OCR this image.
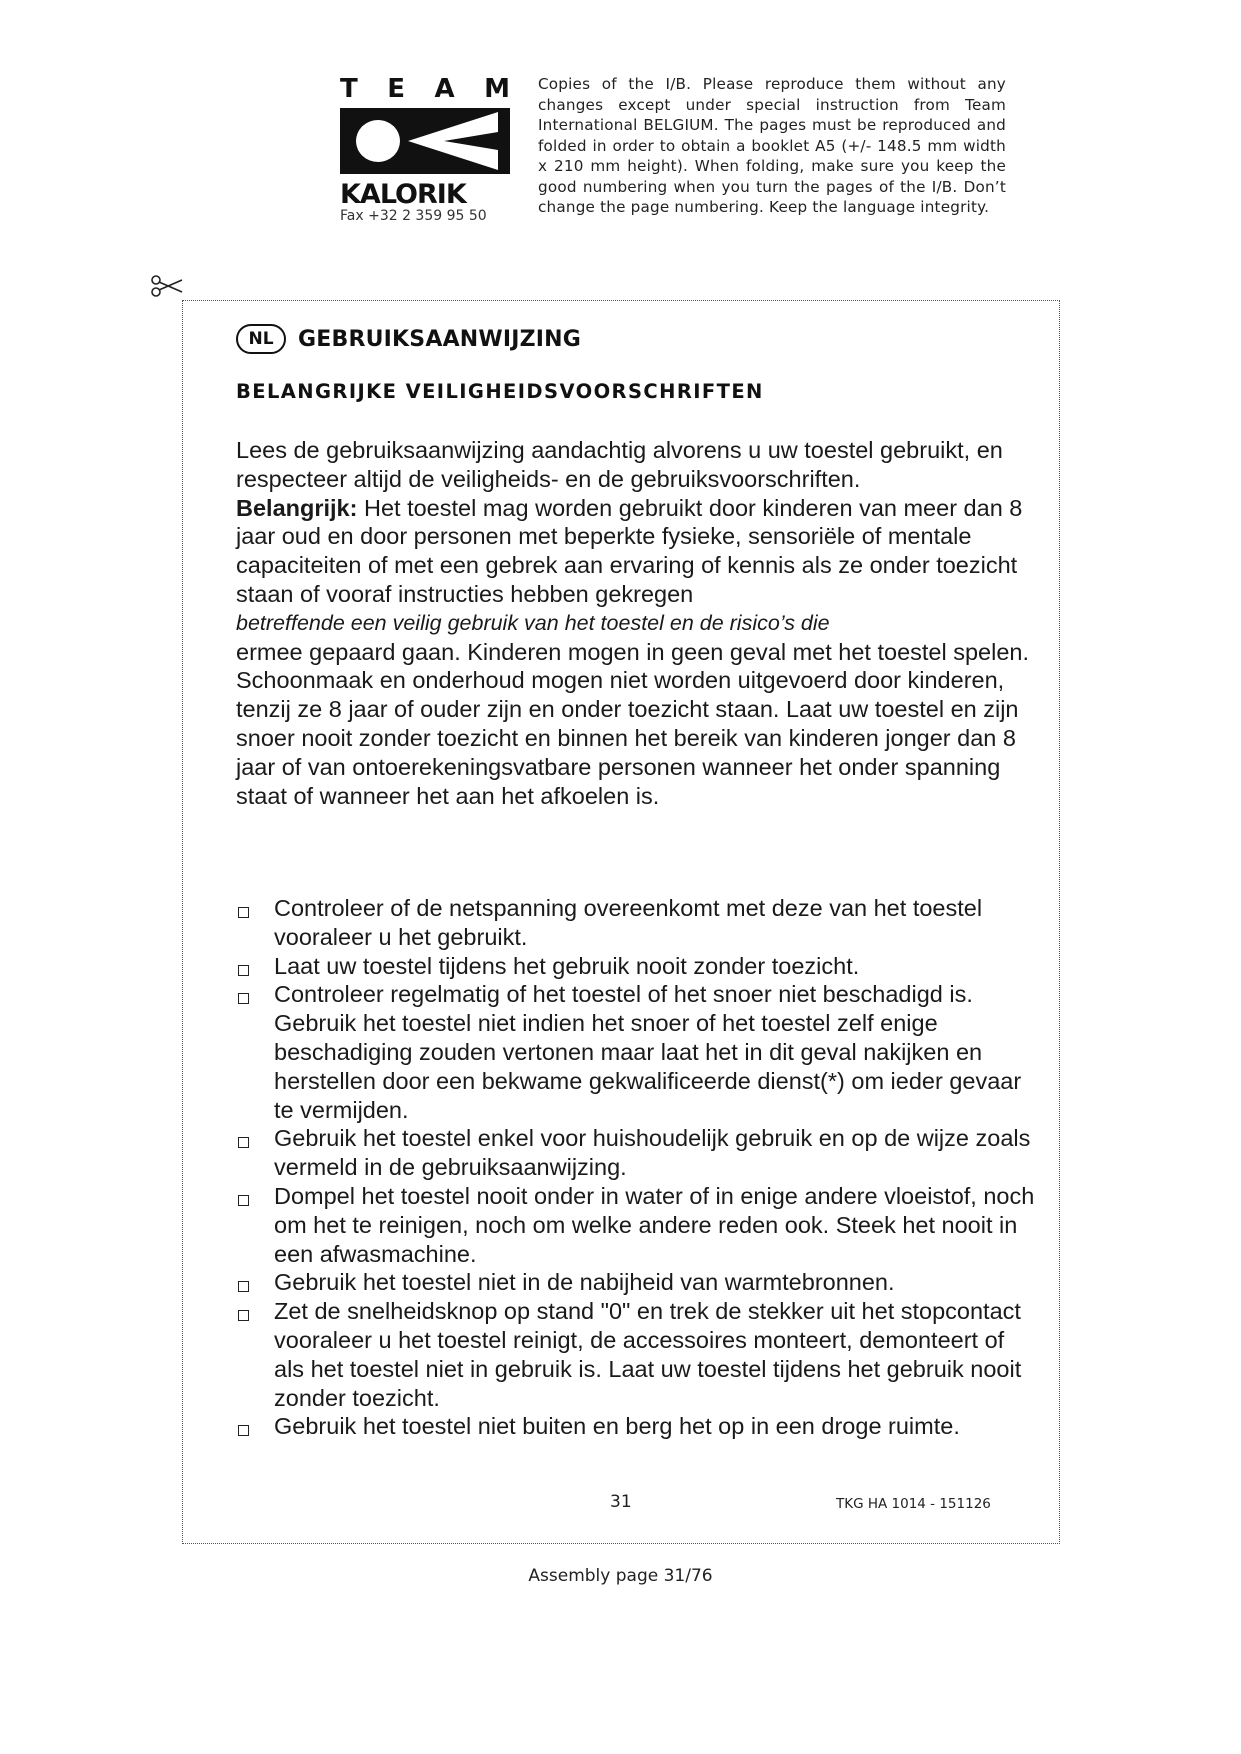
T E A M
KALORIK
Fax +32 2 359 95 50
Copies of the I/B. Please reproduce them without any changes except under special instruction from Team International BELGIUM. The pages must be reproduced and folded in order to obtain a booklet A5 (+/- 148.5 mm width x 210 mm height). When folding, make sure you keep the good numbering when you turn the pages of the I/B. Don’t change the page numbering. Keep the language integrity.
NL	GEBRUIKSAANWIJZING
BELANGRIJKE VEILIGHEIDSVOORSCHRIFTEN

Lees de gebruiksaanwijzing aandachtig alvorens u uw toestel gebruikt, en respecteer altijd de veiligheids- en de gebruiksvoorschriften.

Belangrijk: Het toestel mag worden gebruikt door kinderen van meer dan 8 jaar oud en door personen met beperkte fysieke, sensoriële of mentale capaciteiten of met een gebrek aan ervaring of kennis als ze onder toezicht staan of vooraf instructies hebben gekregen

betreffende een veilig gebruik van het toestel en de risico’s die

ermee gepaard gaan. Kinderen mogen in geen geval met het toestel spelen. Schoonmaak en onderhoud mogen niet worden uitgevoerd door kinderen, tenzij ze 8 jaar of ouder zijn en onder toezicht staan. Laat uw toestel en zijn snoer nooit zonder toezicht en binnen het bereik van kinderen jonger dan 8 jaar of van ontoerekeningsvatbare personen wanneer het onder spanning staat of wanneer het aan het afkoelen is.

Controleer of de netspanning overeenkomt met deze van het toestel vooraleer u het gebruikt.
Laat uw toestel tijdens het gebruik nooit zonder toezicht.
Controleer regelmatig of het toestel of het snoer niet beschadigd is. Gebruik het toestel niet indien het snoer of het toestel zelf enige beschadiging zouden vertonen maar laat het in dit geval nakijken en herstellen door een bekwame gekwalificeerde dienst(*) om ieder gevaar te vermijden.
Gebruik het toestel enkel voor huishoudelijk gebruik en op de wijze zoals vermeld in de gebruiksaanwijzing.
Dompel het toestel nooit onder in water of in enige andere vloeistof, noch om het te reinigen, noch om welke andere reden ook. Steek het nooit in een afwasmachine.
Gebruik het toestel niet in de nabijheid van warmtebronnen.
Zet de snelheidsknop op stand "0" en trek de stekker uit het stopcontact vooraleer u het toestel reinigt, de accessoires monteert, demonteert of als het toestel niet in gebruik is. Laat uw toestel tijdens het gebruik nooit zonder toezicht.
Gebruik het toestel niet buiten en berg het op in een droge ruimte.
31	TKG HA 1014 - 151126
Assembly page 31/76
